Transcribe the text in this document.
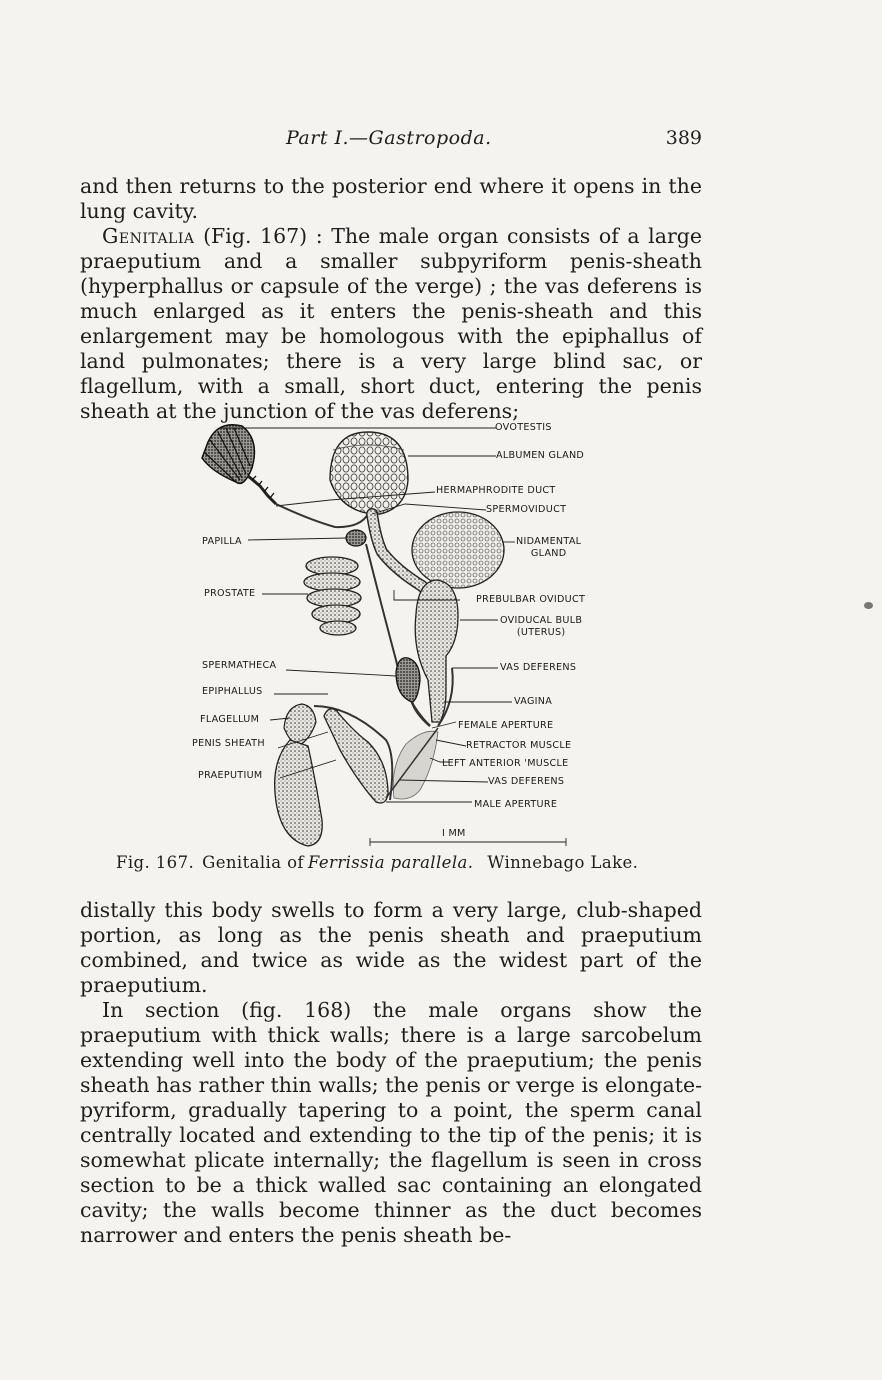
Part I.—Gastropoda.	389

and then returns to the posterior end where it opens in the lung cavity.

Genitalia (Fig. 167) : The male organ consists of a large praeputium and a smaller subpyriform penis-sheath (hyperphallus or capsule of the verge) ; the vas deferens is much enlarged as it enters the penis-sheath and this enlargement may be homologous with the epiphallus of land pulmonates; there is a very large blind sac, or flagellum, with a small, short duct, entering the penis sheath at the junction of the vas deferens;

OVOTESTIS
ALBUMEN GLAND
HERMAPHRODITE DUCT
SPERMOVIDUCT
PAPILLA	NIDAMENTAL
GLAND
PROSTATE
PREBULBAR OVIDUCT
OVIDUCAL BULB
(UTERUS)
SPERMATHECA	VAS DEFERENS
EPIPHALLUS
VAGINA
FLAGELLUM
FEMALE APERTURE
PENIS SHEATH	RETRACTOR MUSCLE
LEFT ANTERIOR 'MUSCLE
PRAEPUTIUM
VAS DEFERENS
MALE APERTURE
I MM
Fig. 167. Genitalia of Ferrissia parallela. Winnebago Lake.

distally this body swells to form a very large, club-shaped portion, as long as the penis sheath and praeputium combined, and twice as wide as the widest part of the praeputium.

In section (fig. 168) the male organs show the praeputium with thick walls; there is a large sarcobelum extending well into the body of the praeputium; the penis sheath has rather thin walls; the penis or verge is elongate-pyriform, gradually tapering to a point, the sperm canal centrally located and extending to the tip of the penis; it is somewhat plicate internally; the flagellum is seen in cross section to be a thick walled sac containing an elongated cavity; the walls become thinner as the duct becomes narrower and enters the penis sheath be-
